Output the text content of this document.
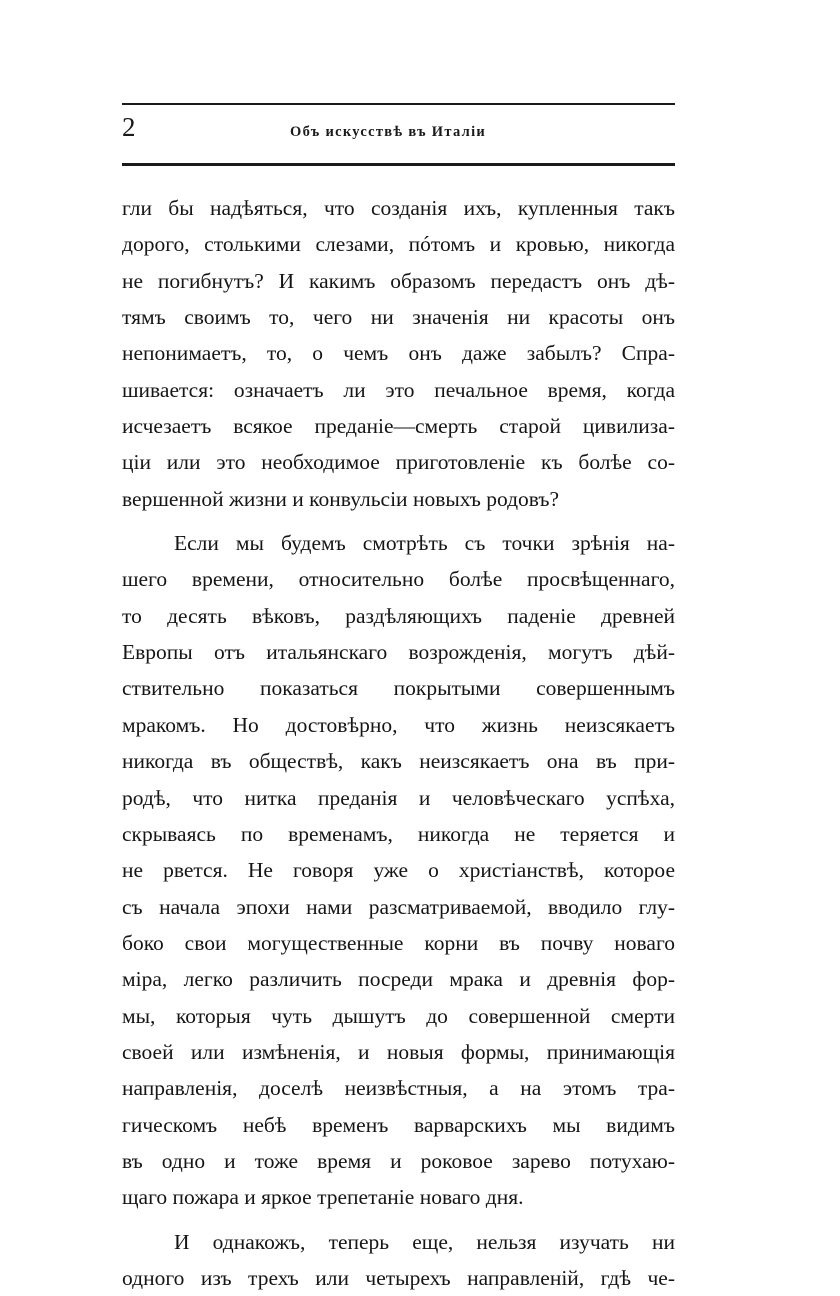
2	Объ искусствѣ въ Италіи
гли бы надѣяться, что созданія ихъ, купленныя такъ
дорого, столькими слезами, пóтомъ и кровью, никогда
не погибнутъ? И какимъ образомъ передастъ онъ дѣ-
тямъ своимъ то, чего ни значенія ни красоты онъ
непонимаетъ, то, о чемъ онъ даже забылъ? Спра-
шивается: означаетъ ли это печальное время, когда
исчезаетъ всякое преданіе—смерть старой цивилиза-
ціи или это необходимое приготовленіе къ болѣе со-
вершенной жизни и конвульсіи новыхъ родовъ?
Если мы будемъ смотрѣть съ точки зрѣнія на-
шего времени, относительно болѣе просвѣщеннаго,
то десять вѣковъ, раздѣляющихъ паденіе древней
Европы отъ итальянскаго возрожденія, могутъ дѣй-
ствительно показаться покрытыми совершеннымъ
мракомъ. Но достовѣрно, что жизнь неизсякаетъ
никогда въ обществѣ, какъ неизсякаетъ она въ при-
родѣ, что нитка преданія и человѣческаго успѣха,
скрываясь по временамъ, никогда не теряется и
не рвется. Не говоря уже о христіанствѣ, которое
съ начала эпохи нами разсматриваемой, вводило глу-
боко свои могущественные корни въ почву новаго
міра, легко различить посреди мрака и древнія фор-
мы, которыя чуть дышутъ до совершенной смерти
своей или измѣненія, и новыя формы, принимающія
направленія, доселѣ неизвѣстныя, а на этомъ тра-
гическомъ небѣ временъ варварскихъ мы видимъ
въ одно и тоже время и роковое зарево потухаю-
щаго пожара и яркое трепетаніе новаго дня.
И однакожъ, теперь еще, нельзя изучать ни
одного изъ трехъ или четырехъ направленій, гдѣ че-
